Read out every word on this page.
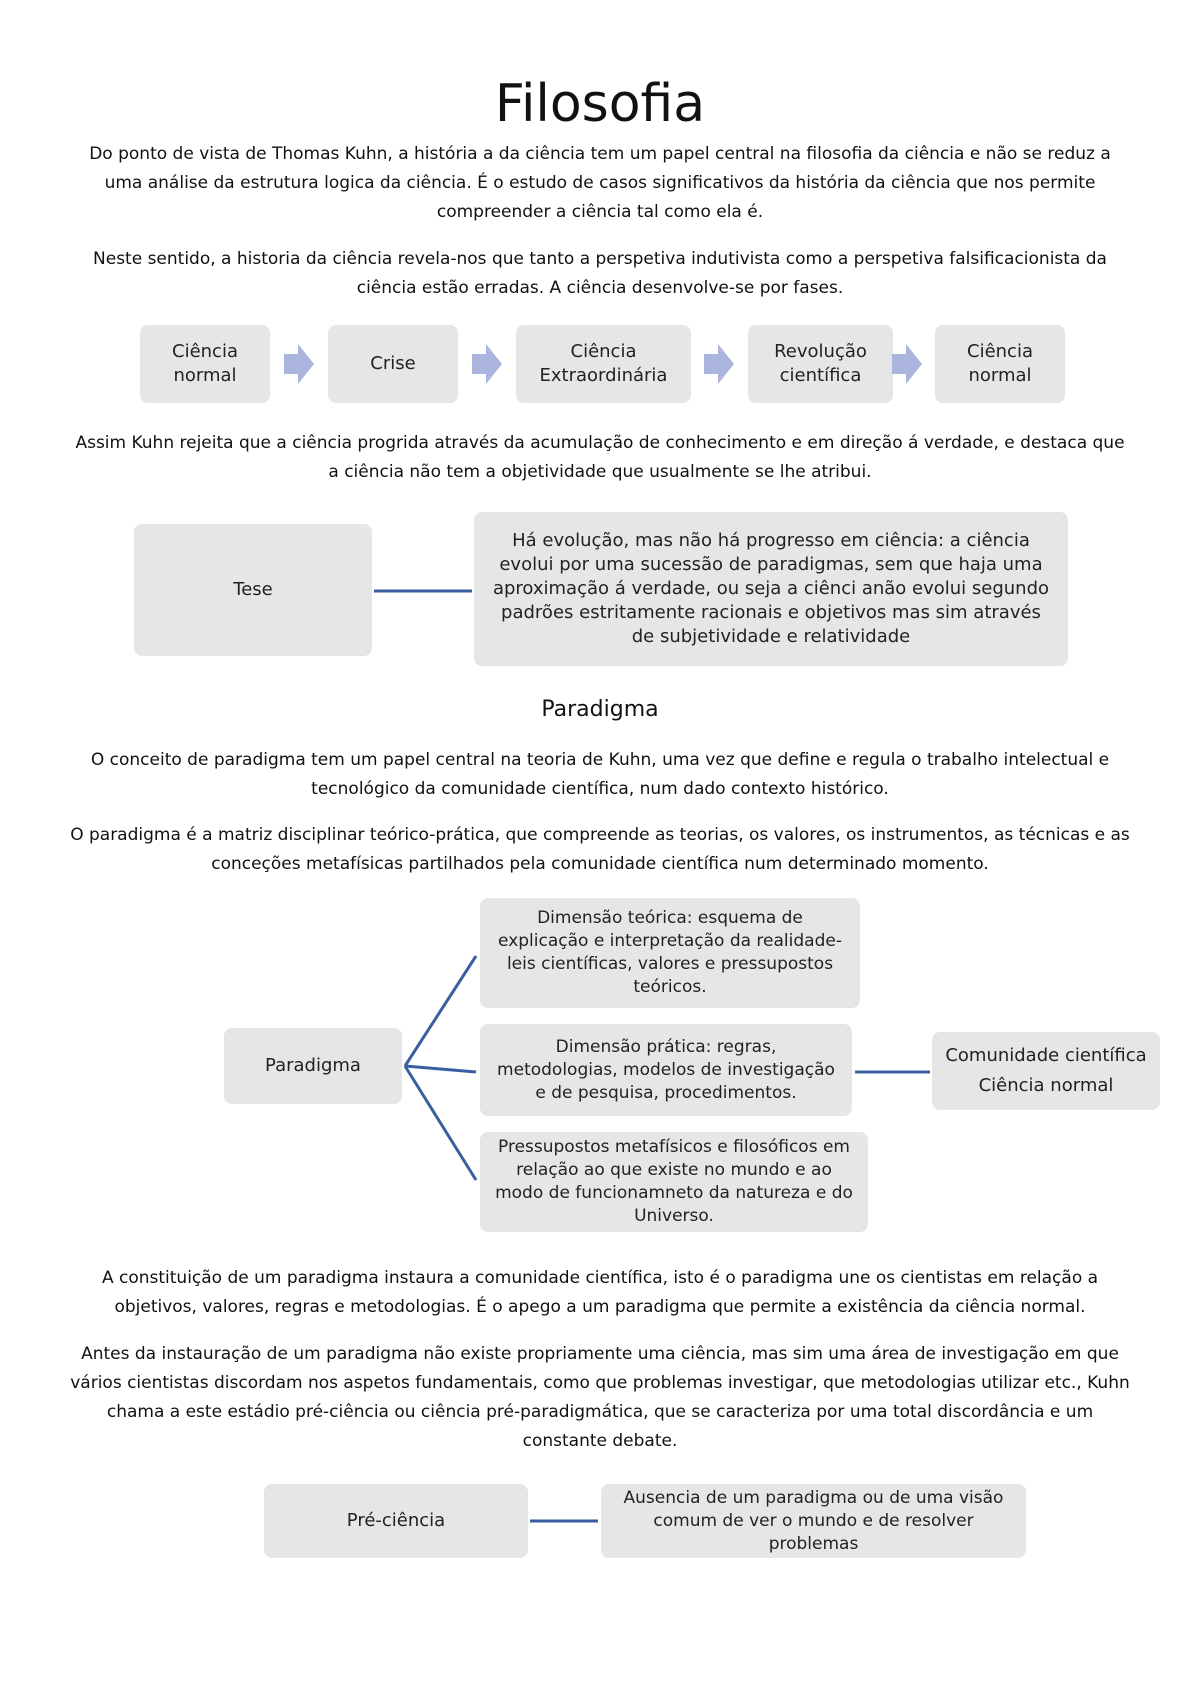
Filosofia

Do ponto de vista de Thomas Kuhn, a história a da ciência tem um papel central na filosofia da ciência e não se reduz a uma análise da estrutura logica da ciência. É o estudo de casos significativos da história da ciência que nos permite compreender a ciência tal como ela é.

Neste sentido, a historia da ciência revela-nos que tanto a perspetiva indutivista como a perspetiva falsificacionista da ciência estão erradas. A ciência desenvolve-se por fases.

Ciência
normal
Crise
Ciência
Extraordinária
Revolução
científica
Ciência
normal

Assim Kuhn rejeita que a ciência progrida através da acumulação de conhecimento e em direção á verdade, e destaca que a ciência não tem a objetividade que usualmente se lhe atribui.

Tese
Há evolução, mas não há progresso em ciência: a ciência evolui por uma sucessão de paradigmas, sem que haja uma aproximação á verdade, ou seja a ciênci anão evolui segundo padrões estritamente racionais e objetivos mas sim através de subjetividade e relatividade
Paradigma

O conceito de paradigma tem um papel central na teoria de Kuhn, uma vez que define e regula o trabalho intelectual e tecnológico da comunidade científica, num dado contexto histórico.

O paradigma é a matriz disciplinar teórico-prática, que compreende as teorias, os valores, os instrumentos, as técnicas e as conceções metafísicas partilhados pela comunidade científica num determinado momento.

Paradigma
Dimensão teórica: esquema de explicação e interpretação da realidade- leis científicas, valores e pressupostos teóricos.
Dimensão prática: regras, metodologias, modelos de investigação e de pesquisa, procedimentos.
Pressupostos metafísicos e filosóficos em relação ao que existe no mundo e ao modo de funcionamneto da natureza e do Universo.
Comunidade científica
Ciência normal

A constituição de um paradigma instaura a comunidade científica, isto é o paradigma une os cientistas em relação a objetivos, valores, regras e metodologias. É o apego a um paradigma que permite a existência da ciência normal.

Antes da instauração de um paradigma não existe propriamente uma ciência, mas sim uma área de investigação em que vários cientistas discordam nos aspetos fundamentais, como que problemas investigar, que metodologias utilizar etc., Kuhn chama a este estádio pré-ciência ou ciência pré-paradigmática, que se caracteriza por uma total discordância e um constante debate.

Pré-ciência
Ausencia de um paradigma ou de uma visão comum de ver o mundo e de resolver problemas
